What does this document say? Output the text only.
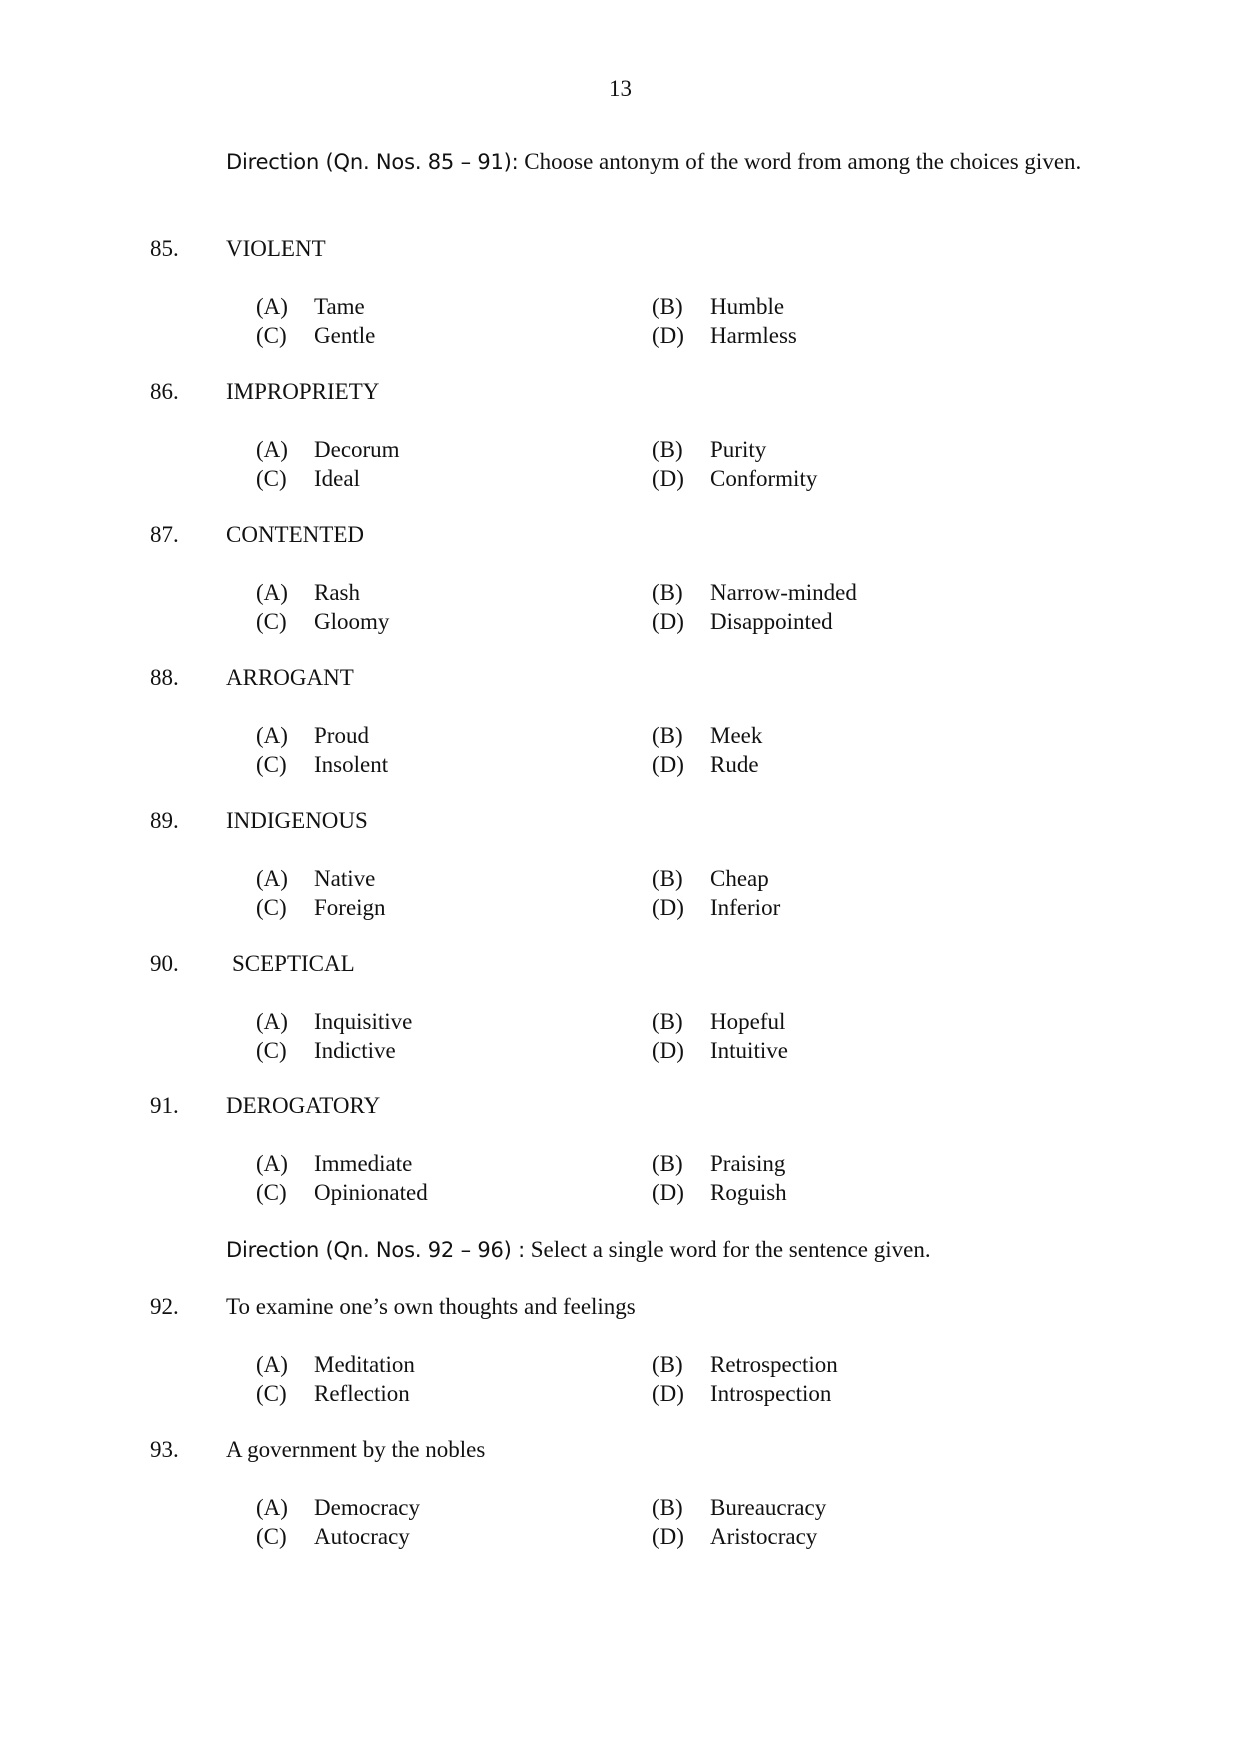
13
Direction (Qn. Nos. 85 – 91): Choose antonym of the word from among the choices given.
85. VIOLENT
(A) Tame	(B) Humble
(C) Gentle	(D) Harmless
86. IMPROPRIETY
(A) Decorum	(B) Purity
(C) Ideal	(D) Conformity
87. CONTENTED
(A) Rash	(B) Narrow-minded
(C) Gloomy	(D) Disappointed
88. ARROGANT
(A) Proud	(B) Meek
(C) Insolent	(D) Rude
89. INDIGENOUS
(A) Native	(B) Cheap
(C) Foreign	(D) Inferior
90. SCEPTICAL
(A) Inquisitive	(B) Hopeful
(C) Indictive	(D) Intuitive
91. DEROGATORY
(A) Immediate	(B) Praising
(C) Opinionated	(D) Roguish
Direction (Qn. Nos. 92 – 96) : Select a single word for the sentence given.
92. To examine one’s own thoughts and feelings
(A) Meditation	(B) Retrospection
(C) Reflection	(D) Introspection
93. A government by the nobles
(A) Democracy	(B) Bureaucracy
(C) Autocracy	(D) Aristocracy
